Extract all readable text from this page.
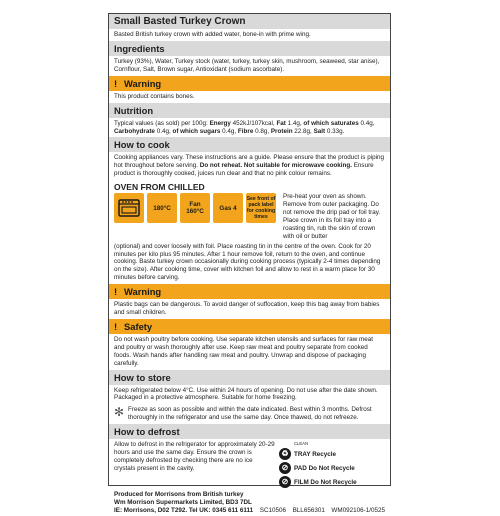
Small Basted Turkey Crown
Basted British turkey crown with added water, bone-in with prime wing.
Ingredients
Turkey (93%), Water, Turkey stock (water, turkey, turkey skin, mushroom, seaweed, star anise), Cornflour, Salt, Brown sugar, Antioxidant (sodium ascorbate).
! Warning
This product contains bones.
Nutrition
Typical values (as sold) per 100g: Energy 452kJ/107kcal, Fat 1.4g, of which saturates 0.4g, Carbohydrate 0.4g, of which sugars 0.4g, Fibre 0.8g, Protein 22.8g, Salt 0.33g.
How to cook
Cooking appliances vary. These instructions are a guide. Please ensure that the product is piping hot throughout before serving. Do not reheat. Not suitable for microwave cooking. Ensure product is thoroughly cooked, juices run clear and that no pink colour remains.
OVEN FROM CHILLED
180°C	Fan 160°C	Gas 4
See front of pack label for cooking times
Pre-heat your oven as shown. Remove from outer packaging. Do not remove the drip pad or foil tray. Place crown in its foil tray into a roasting tin, rub the skin of crown with oil or butter
(optional) and cover loosely with foil. Place roasting tin in the centre of the oven. Cook for 20 minutes per kilo plus 95 minutes. After 1 hour remove foil, return to the oven, and continue cooking. Baste turkey crown occasionally during cooking process (typically 2-4 times depending on the size). After cooking time, cover with kitchen foil and allow to rest in a warm place for 30 minutes before carving.
! Warning
Plastic bags can be dangerous. To avoid danger of suffocation, keep this bag away from babies and small children.
! Safety
Do not wash poultry before cooking. Use separate kitchen utensils and surfaces for raw meat and poultry or wash thoroughly after use. Keep raw meat and poultry separate from cooked foods. Wash hands after handling raw meat and poultry. Unwrap and dispose of packaging carefully.
How to store
Keep refrigerated below 4°C. Use within 24 hours of opening. Do not use after the date shown. Packaged in a protective atmosphere. Suitable for home freezing.
✻ Freeze as soon as possible and within the date indicated. Best within 3 months. Defrost thoroughly in the refrigerator and use the same day. Once thawed, do not refreeze.
How to defrost
Allow to defrost in the refrigerator for approximately 20-29 hours and use the same day. Ensure the crown is completely defrosted by checking there are no ice crystals present in the cavity.
CLEAN
♻ TRAY Recycle
⊘ PAD Do Not Recycle
⊘ FILM Do Not Recycle
Produced for Morrisons from British turkey
Wm Morrison Supermarkets Limited, BD3 7DL
IE: Morrisons, D02 T292. Tel UK: 0345 611 6111 SC10506 BLL656301 WM092106-1/0525
